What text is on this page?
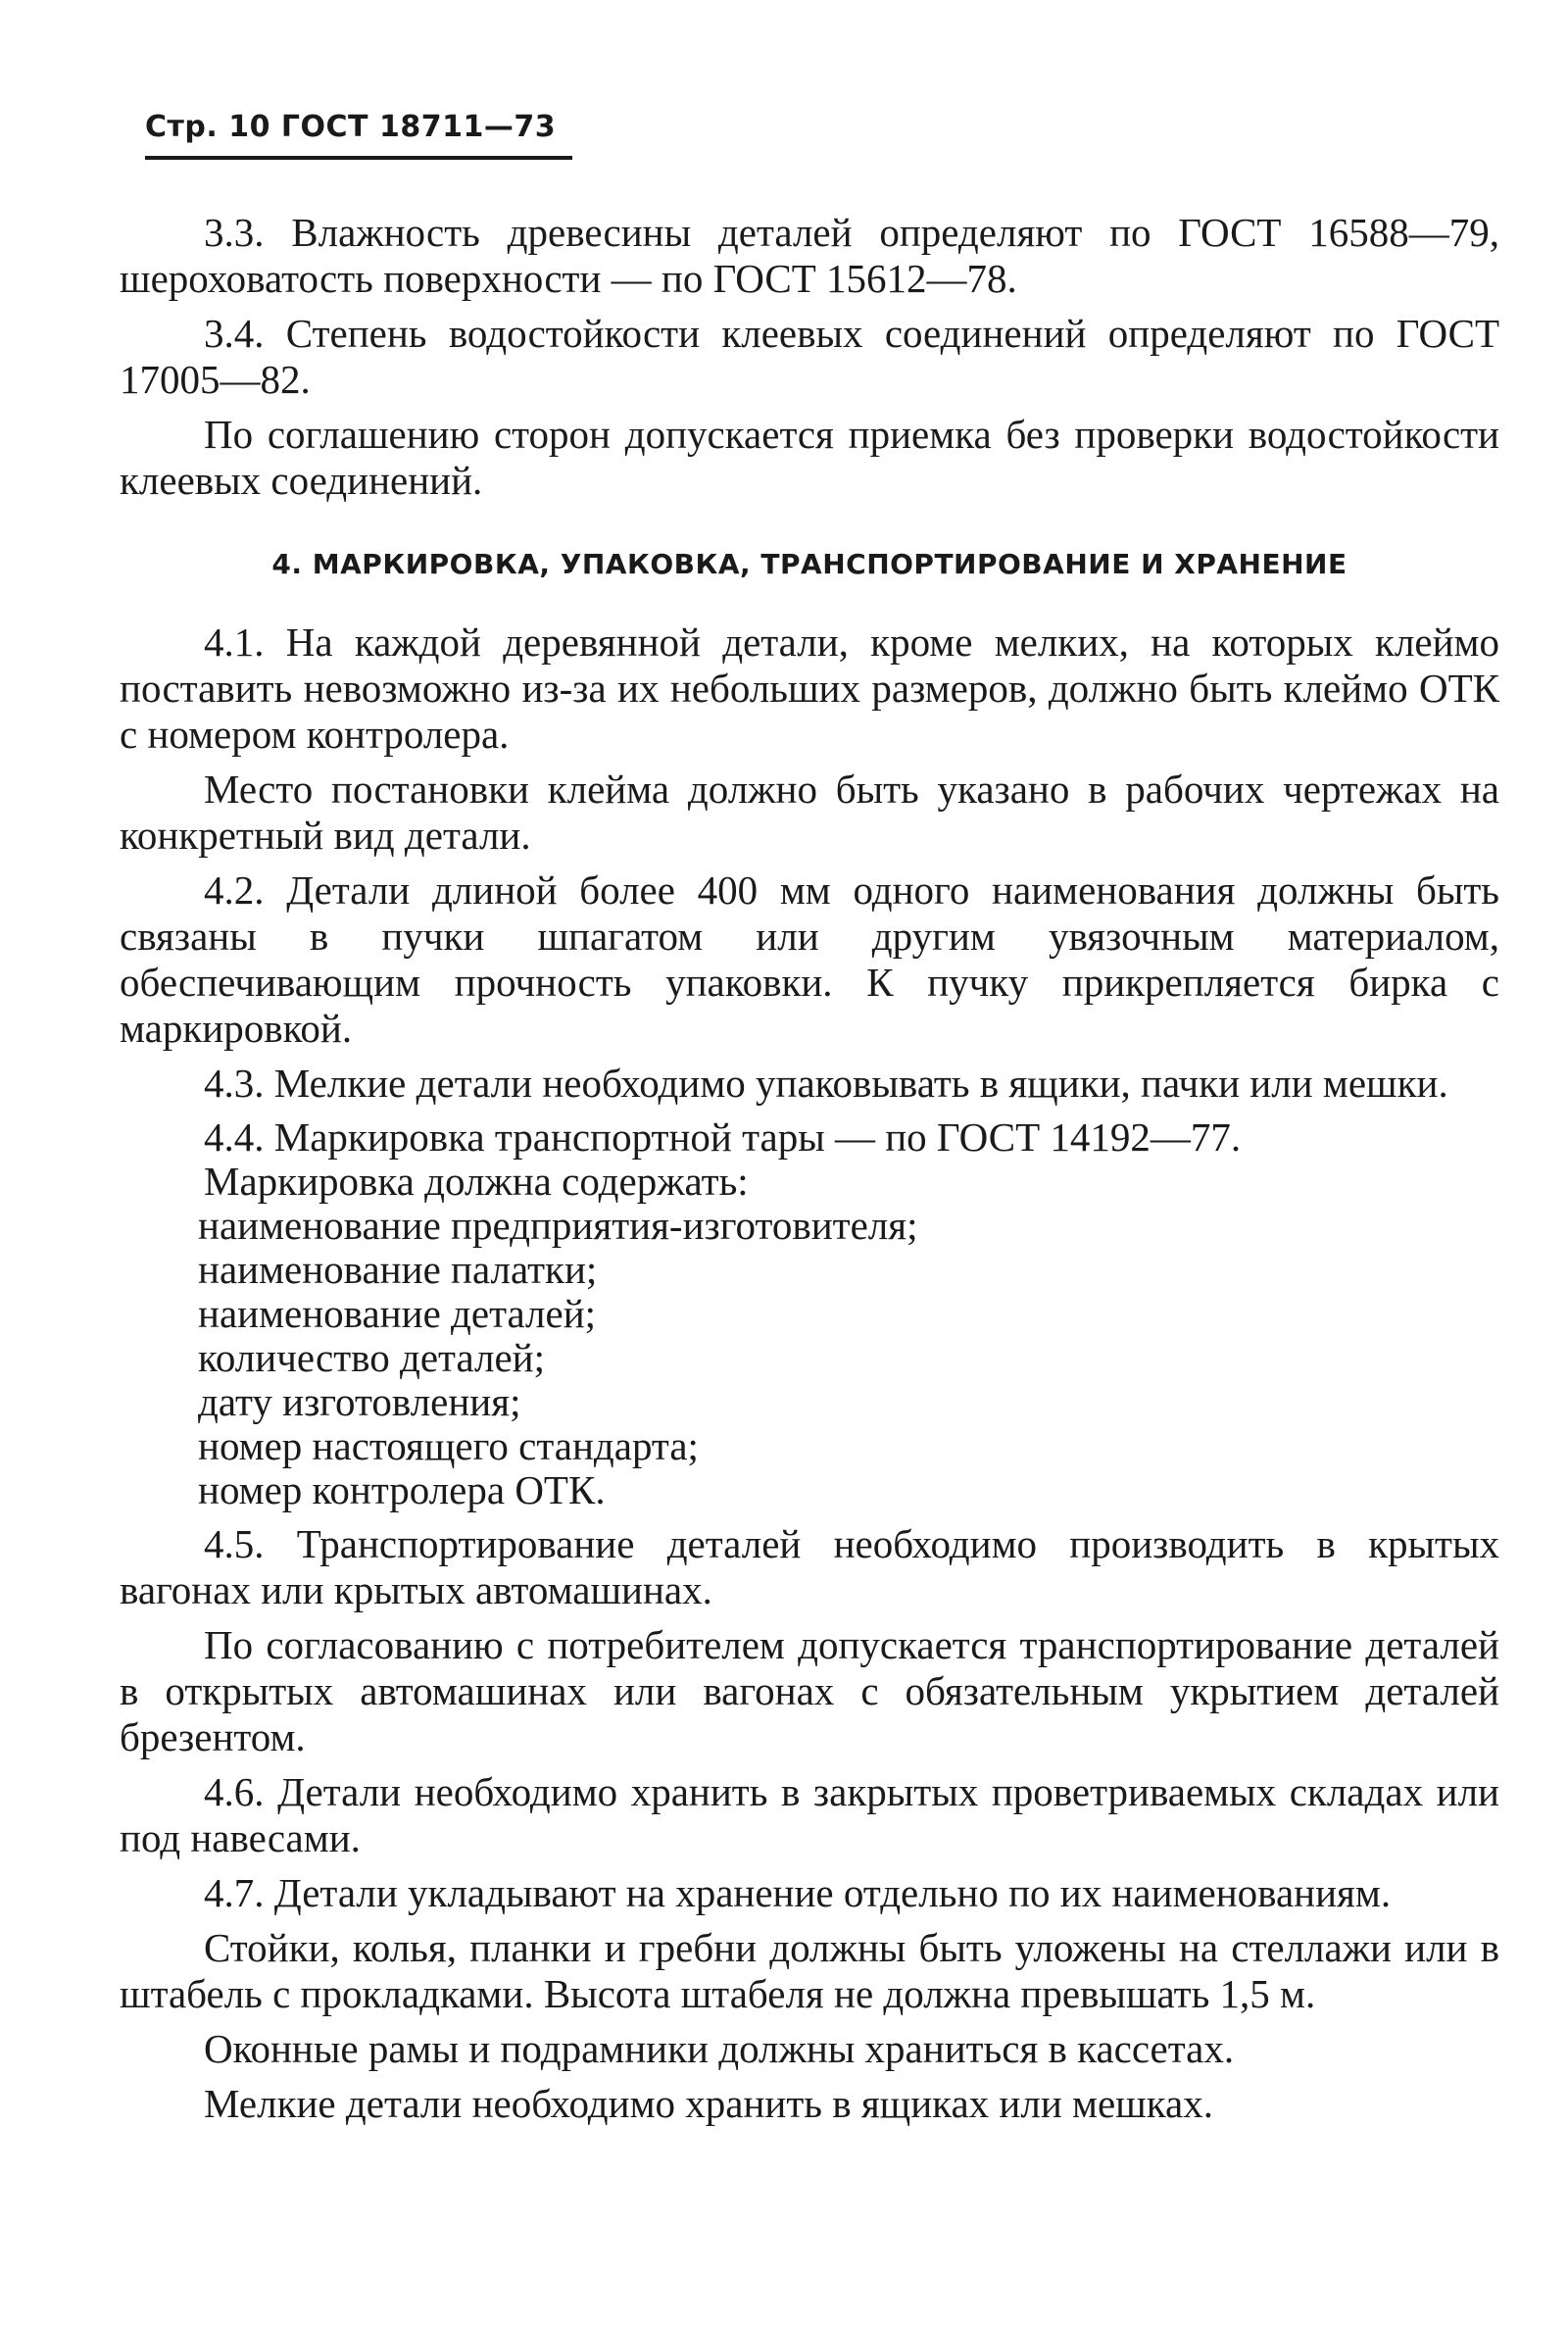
Стр. 10 ГОСТ 18711—73

3.3. Влажность древесины деталей определяют по ГОСТ 16588—79, шероховатость поверхности — по ГОСТ 15612—78.

3.4. Степень водостойкости клеевых соединений определяют по ГОСТ 17005—82.

По соглашению сторон допускается приемка без проверки водостойкости клеевых соединений.

4. МАРКИРОВКА, УПАКОВКА, ТРАНСПОРТИРОВАНИЕ И ХРАНЕНИЕ

4.1. На каждой деревянной детали, кроме мелких, на которых клеймо поставить невозможно из-за их небольших размеров, должно быть клеймо ОТК с номером контролера.

Место постановки клейма должно быть указано в рабочих чертежах на конкретный вид детали.

4.2. Детали длиной более 400 мм одного наименования должны быть связаны в пучки шпагатом или другим увязочным материалом, обеспечивающим прочность упаковки. К пучку прикрепляется бирка с маркировкой.

4.3. Мелкие детали необходимо упаковывать в ящики, пачки или мешки.

4.4. Маркировка транспортной тары — по ГОСТ 14192—77.

Маркировка должна содержать:

наименование предприятия-изготовителя;
наименование палатки;
наименование деталей;
количество деталей;
дату изготовления;
номер настоящего стандарта;
номер контролера ОТК.

4.5. Транспортирование деталей необходимо производить в крытых вагонах или крытых автомашинах.

По согласованию с потребителем допускается транспортирование деталей в открытых автомашинах или вагонах с обязательным укрытием деталей брезентом.

4.6. Детали необходимо хранить в закрытых проветриваемых складах или под навесами.

4.7. Детали укладывают на хранение отдельно по их наименованиям.

Стойки, колья, планки и гребни должны быть уложены на стеллажи или в штабель с прокладками. Высота штабеля не должна превышать 1,5 м.

Оконные рамы и подрамники должны храниться в кассетах.

Мелкие детали необходимо хранить в ящиках или мешках.
